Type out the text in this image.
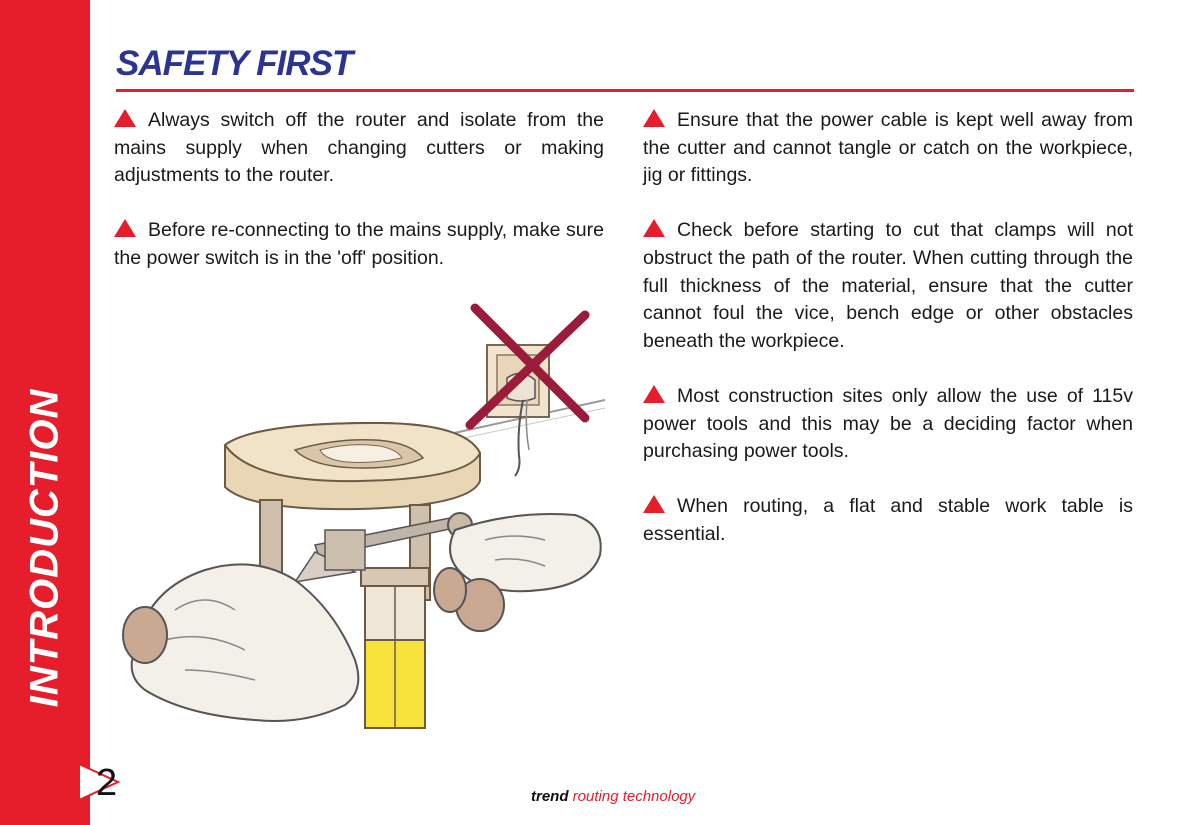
INTRODUCTION
2
SAFETY FIRST

Always switch off the router and isolate from the mains supply when changing cutters or making adjustments to the router.

Before re-connecting to the mains supply, make sure the power switch is in the 'off' position.

Ensure that the power cable is kept well away from the cutter and cannot tangle or catch on the workpiece, jig or fittings.

Check before starting to cut that clamps will not obstruct the path of the router. When cutting through the full thickness of the material, ensure that the cutter cannot foul the vice, bench edge or other obstacles beneath the workpiece.

Most construction sites only allow the use of 115v power tools and this may be a deciding factor when purchasing power tools.

When routing, a flat and stable work table is essential.

trend routing technology
